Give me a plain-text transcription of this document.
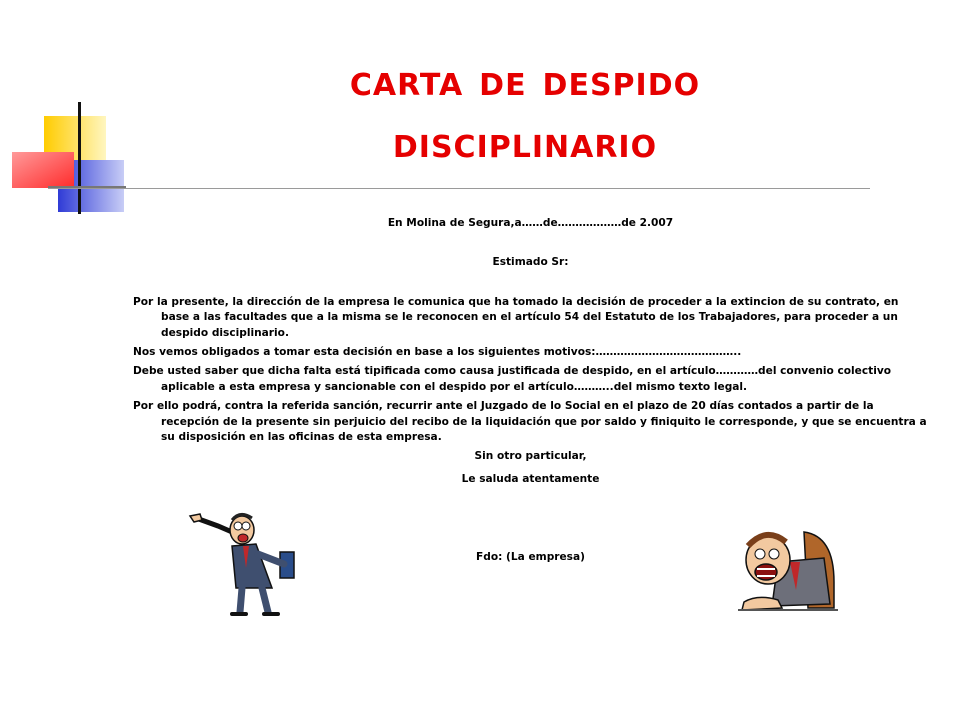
carta de despido
disciplinario
En Molina de Segura,a……de………………de 2.007
Estimado Sr:

Por la presente, la dirección de la empresa le comunica que ha tomado la decisión de proceder a la extincion de su contrato, en base a las facultades que a la misma se le reconocen en el artículo 54 del Estatuto de los Trabajadores, para proceder a un despido disciplinario.

Nos vemos obligados a tomar esta decisión en base a los siguientes motivos:…………………………………..

Debe usted saber que dicha falta está tipificada como causa justificada de despido, en el artículo…………del convenio colectivo aplicable a esta empresa y sancionable con el despido por el artículo………..del mismo texto legal.

Por ello podrá, contra la referida sanción, recurrir ante el Juzgado de lo Social en el plazo de 20 días contados a partir de la recepción de la presente sin perjuicio del recibo de la liquidación que por saldo y finiquito le corresponde, y que se encuentra a su disposición en las oficinas de esta empresa.

Sin otro particular,
Le saluda atentamente
Fdo: (La empresa)
